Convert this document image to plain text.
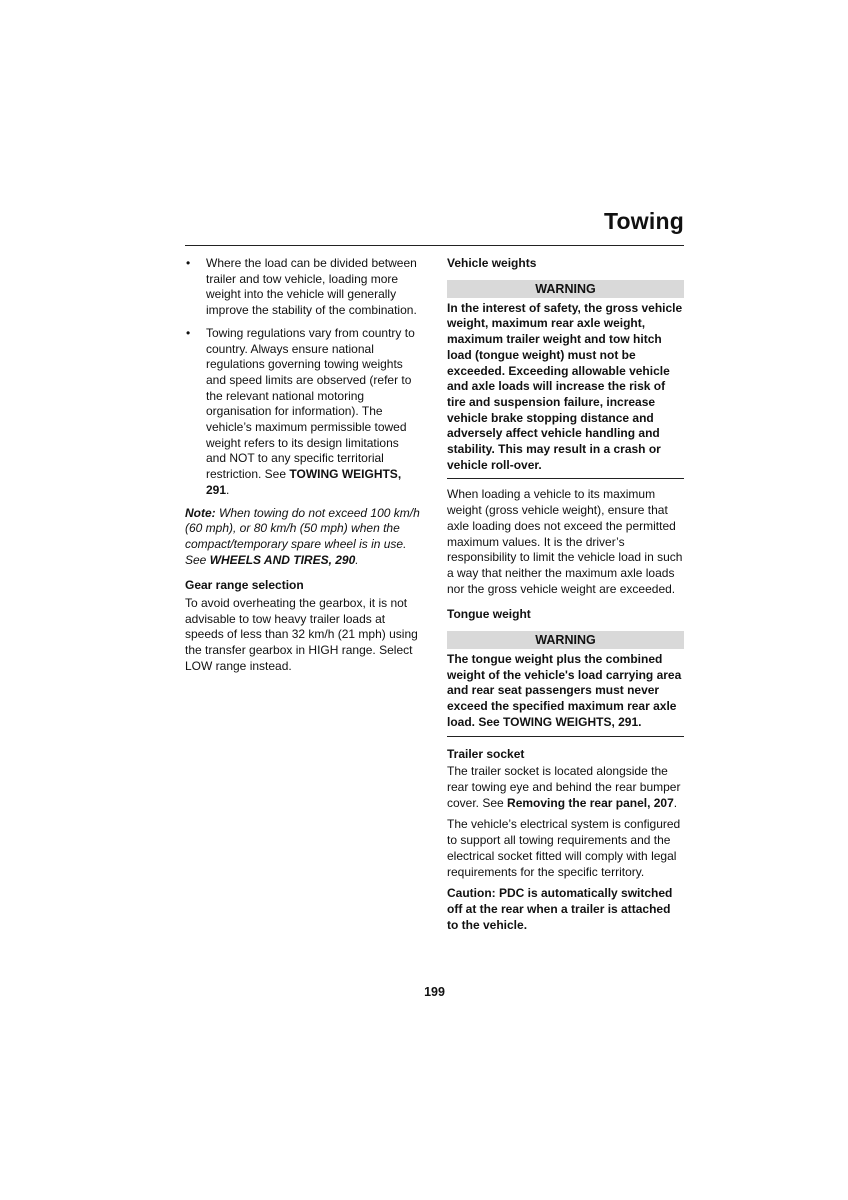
Towing
• Where the load can be divided between trailer and tow vehicle, loading more weight into the vehicle will generally improve the stability of the combination.
• Towing regulations vary from country to country. Always ensure national regulations governing towing weights and speed limits are observed (refer to the relevant national motoring organisation for information). The vehicle’s maximum permissible towed weight refers to its design limitations and NOT to any specific territorial restriction. See TOWING WEIGHTS, 291.
Note: When towing do not exceed 100 km/h (60 mph), or 80 km/h (50 mph) when the compact/temporary spare wheel is in use. See WHEELS AND TIRES, 290.
Gear range selection

To avoid overheating the gearbox, it is not advisable to tow heavy trailer loads at speeds of less than 32 km/h (21 mph) using the transfer gearbox in HIGH range. Select LOW range instead.

Vehicle weights
WARNING

In the interest of safety, the gross vehicle weight, maximum rear axle weight, maximum trailer weight and tow hitch load (tongue weight) must not be exceeded. Exceeding allowable vehicle and axle loads will increase the risk of tire and suspension failure, increase vehicle brake stopping distance and adversely affect vehicle handling and stability. This may result in a crash or vehicle roll-over.

When loading a vehicle to its maximum weight (gross vehicle weight), ensure that axle loading does not exceed the permitted maximum values. It is the driver’s responsibility to limit the vehicle load in such a way that neither the maximum axle loads nor the gross vehicle weight are exceeded.

Tongue weight
WARNING

The tongue weight plus the combined weight of the vehicle's load carrying area and rear seat passengers must never exceed the specified maximum rear axle load. See TOWING WEIGHTS, 291.

Trailer socket

The trailer socket is located alongside the rear towing eye and behind the rear bumper cover. See Removing the rear panel, 207.

The vehicle’s electrical system is configured to support all towing requirements and the electrical socket fitted will comply with legal requirements for the specific territory.

Caution: PDC is automatically switched off at the rear when a trailer is attached to the vehicle.

199
